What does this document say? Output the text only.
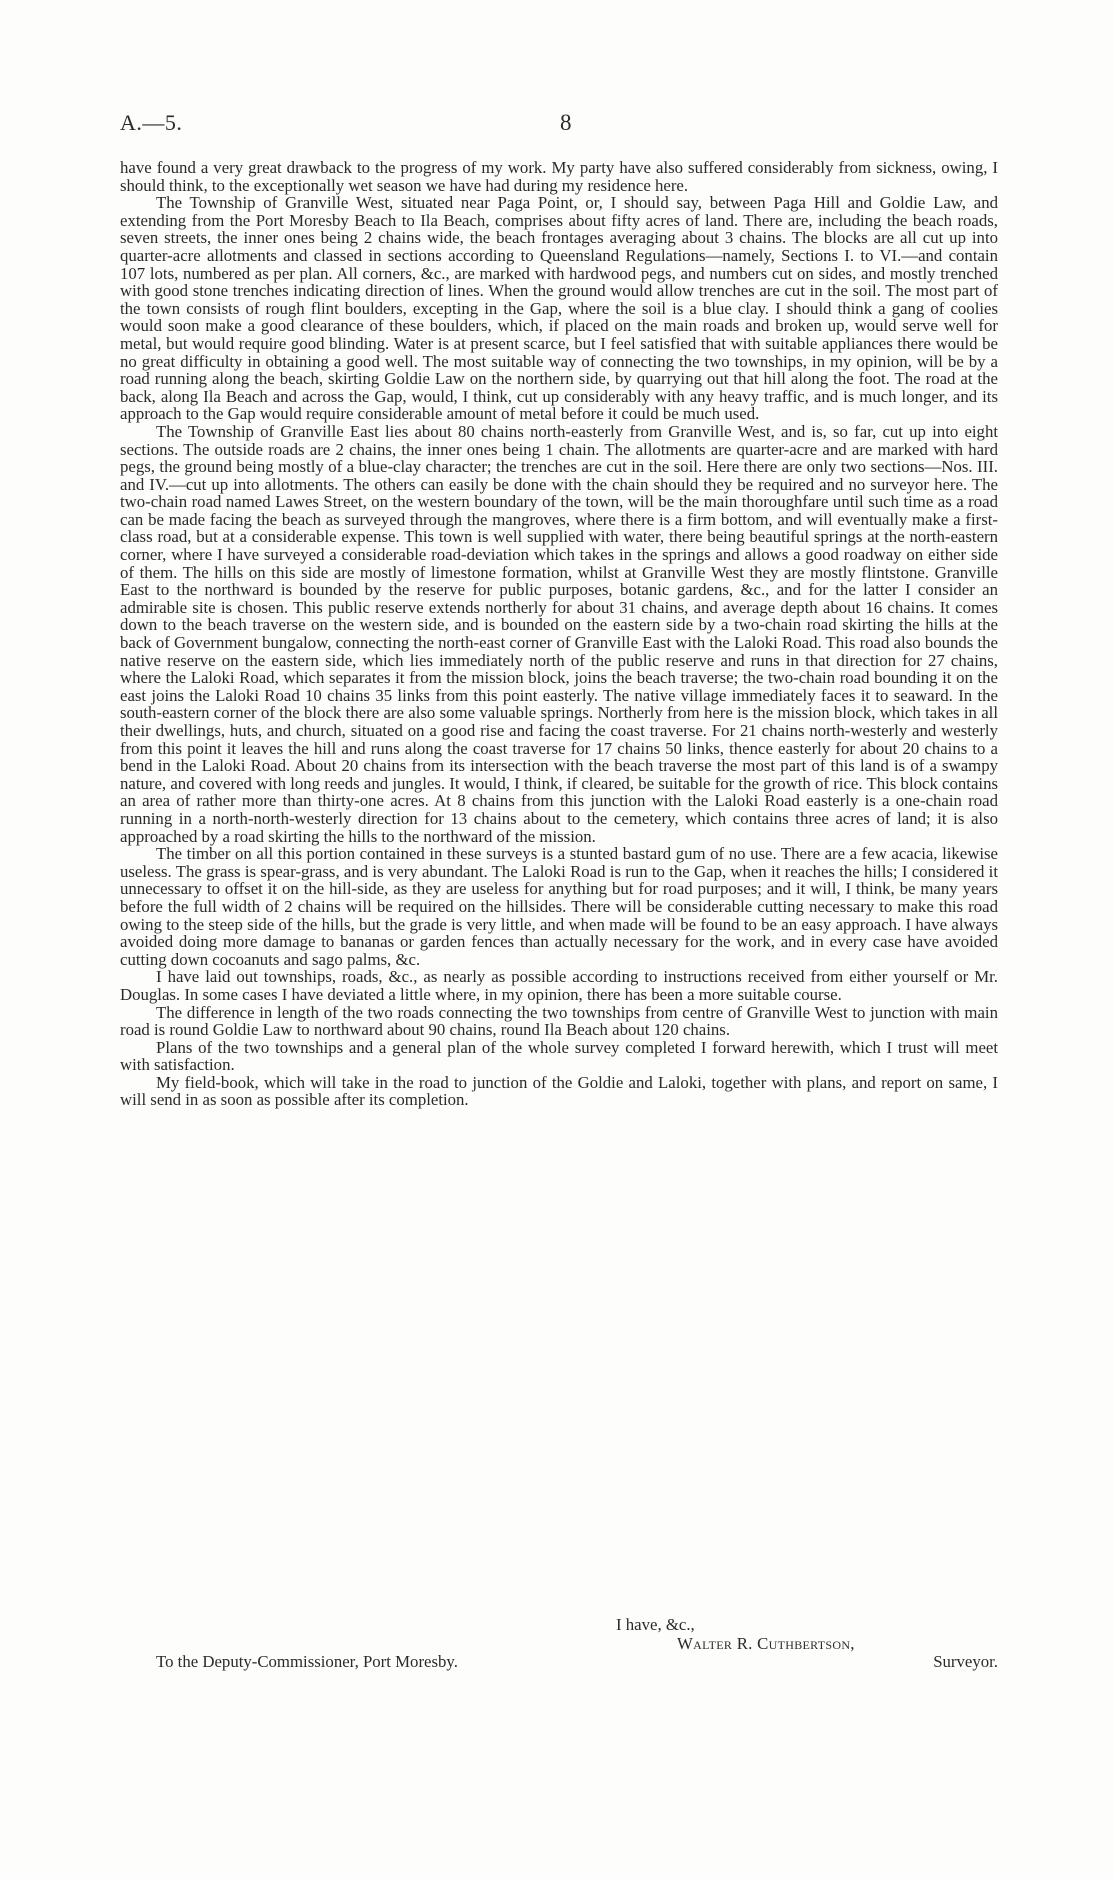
A.—5.	8

have found a very great drawback to the progress of my work. My party have also suffered considerably from sickness, owing, I should think, to the exceptionally wet season we have had during my residence here.

The Township of Granville West, situated near Paga Point, or, I should say, between Paga Hill and Goldie Law, and extending from the Port Moresby Beach to Ila Beach, comprises about fifty acres of land. There are, including the beach roads, seven streets, the inner ones being 2 chains wide, the beach frontages averaging about 3 chains. The blocks are all cut up into quarter-acre allotments and classed in sections according to Queensland Regulations—namely, Sections I. to VI.—and contain 107 lots, numbered as per plan. All corners, &c., are marked with hardwood pegs, and numbers cut on sides, and mostly trenched with good stone trenches indicating direction of lines. When the ground would allow trenches are cut in the soil. The most part of the town consists of rough flint boulders, excepting in the Gap, where the soil is a blue clay. I should think a gang of coolies would soon make a good clearance of these boulders, which, if placed on the main roads and broken up, would serve well for metal, but would require good blinding. Water is at present scarce, but I feel satisfied that with suitable appliances there would be no great difficulty in obtaining a good well. The most suitable way of connecting the two townships, in my opinion, will be by a road running along the beach, skirting Goldie Law on the northern side, by quarrying out that hill along the foot. The road at the back, along Ila Beach and across the Gap, would, I think, cut up considerably with any heavy traffic, and is much longer, and its approach to the Gap would require considerable amount of metal before it could be much used.

The Township of Granville East lies about 80 chains north-easterly from Granville West, and is, so far, cut up into eight sections. The outside roads are 2 chains, the inner ones being 1 chain. The allotments are quarter-acre and are marked with hard pegs, the ground being mostly of a blue-clay character; the trenches are cut in the soil. Here there are only two sections—Nos. III. and IV.—cut up into allotments. The others can easily be done with the chain should they be required and no surveyor here. The two-chain road named Lawes Street, on the western boundary of the town, will be the main thoroughfare until such time as a road can be made facing the beach as surveyed through the mangroves, where there is a firm bottom, and will eventually make a first-class road, but at a considerable expense. This town is well supplied with water, there being beautiful springs at the north-eastern corner, where I have surveyed a considerable road-deviation which takes in the springs and allows a good roadway on either side of them. The hills on this side are mostly of limestone formation, whilst at Granville West they are mostly flintstone. Granville East to the northward is bounded by the reserve for public purposes, botanic gardens, &c., and for the latter I consider an admirable site is chosen. This public reserve extends northerly for about 31 chains, and average depth about 16 chains. It comes down to the beach traverse on the western side, and is bounded on the eastern side by a two-chain road skirting the hills at the back of Government bungalow, connecting the north-east corner of Granville East with the Laloki Road. This road also bounds the native reserve on the eastern side, which lies immediately north of the public reserve and runs in that direction for 27 chains, where the Laloki Road, which separates it from the mission block, joins the beach traverse; the two-chain road bounding it on the east joins the Laloki Road 10 chains 35 links from this point easterly. The native village immediately faces it to seaward. In the south-eastern corner of the block there are also some valuable springs. Northerly from here is the mission block, which takes in all their dwellings, huts, and church, situated on a good rise and facing the coast traverse. For 21 chains north-westerly and westerly from this point it leaves the hill and runs along the coast traverse for 17 chains 50 links, thence easterly for about 20 chains to a bend in the Laloki Road. About 20 chains from its intersection with the beach traverse the most part of this land is of a swampy nature, and covered with long reeds and jungles. It would, I think, if cleared, be suitable for the growth of rice. This block contains an area of rather more than thirty-one acres. At 8 chains from this junction with the Laloki Road easterly is a one-chain road running in a north-north-westerly direction for 13 chains about to the cemetery, which contains three acres of land; it is also approached by a road skirting the hills to the northward of the mission.

The timber on all this portion contained in these surveys is a stunted bastard gum of no use. There are a few acacia, likewise useless. The grass is spear-grass, and is very abundant. The Laloki Road is run to the Gap, when it reaches the hills; I considered it unnecessary to offset it on the hill-side, as they are useless for anything but for road purposes; and it will, I think, be many years before the full width of 2 chains will be required on the hillsides. There will be considerable cutting necessary to make this road owing to the steep side of the hills, but the grade is very little, and when made will be found to be an easy approach. I have always avoided doing more damage to bananas or garden fences than actually necessary for the work, and in every case have avoided cutting down cocoanuts and sago palms, &c.

I have laid out townships, roads, &c., as nearly as possible according to instructions received from either yourself or Mr. Douglas. In some cases I have deviated a little where, in my opinion, there has been a more suitable course.

The difference in length of the two roads connecting the two townships from centre of Granville West to junction with main road is round Goldie Law to northward about 90 chains, round Ila Beach about 120 chains.

Plans of the two townships and a general plan of the whole survey completed I forward herewith, which I trust will meet with satisfaction.

My field-book, which will take in the road to junction of the Goldie and Laloki, together with plans, and report on same, I will send in as soon as possible after its completion.

I have, &c.,
Walter R. Cuthbertson,
To the Deputy-Commissioner, Port Moresby.	Surveyor.
